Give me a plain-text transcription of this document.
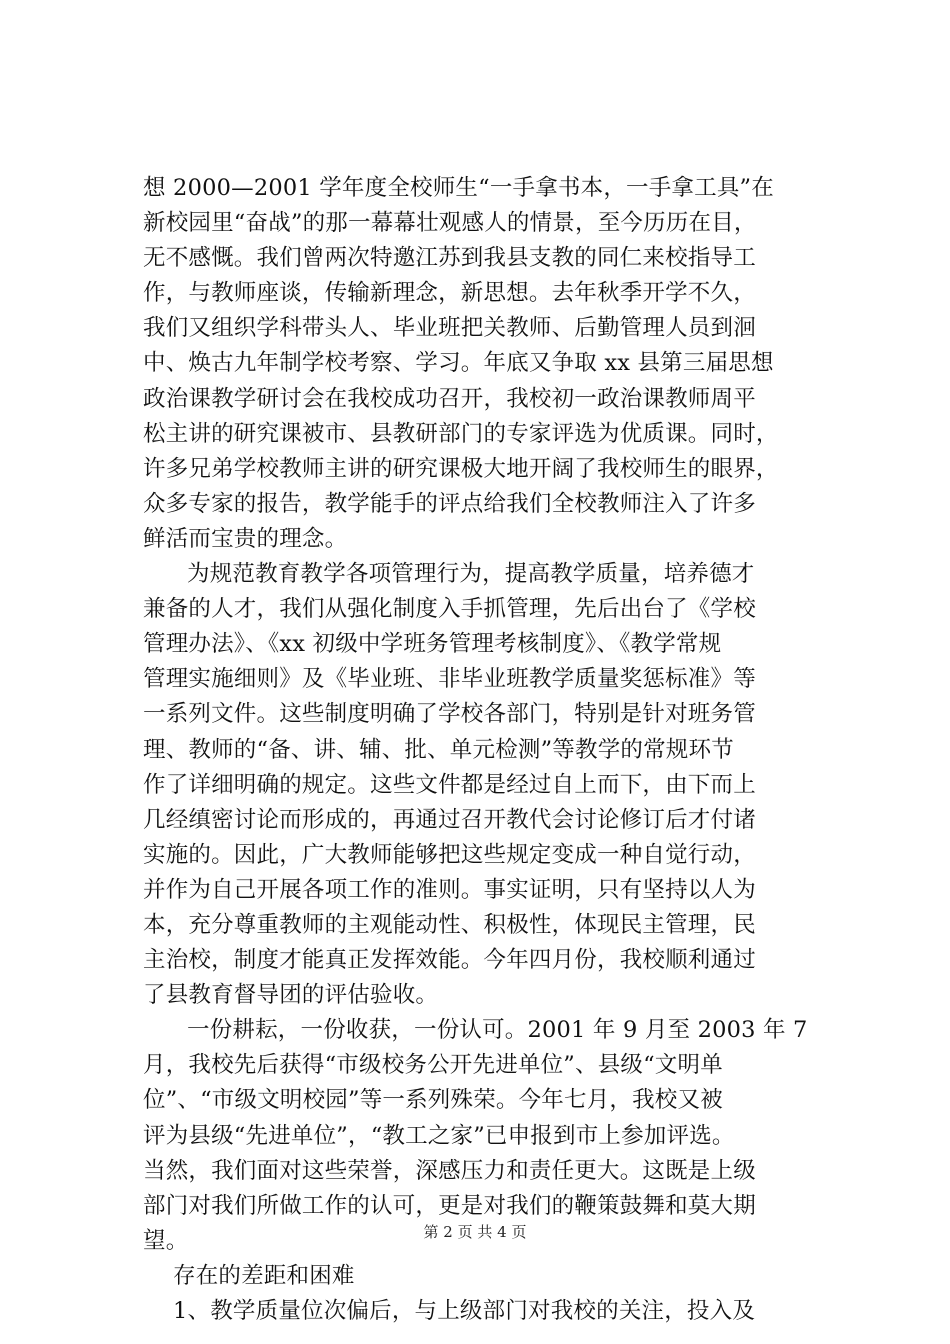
想 2000—2001 学年度全校师生“一手拿书本，一手拿工具”在
新校园里“奋战”的那一幕幕壮观感人的情景，至今历历在目，
无不感慨。我们曾两次特邀江苏到我县支教的同仁来校指导工
作，与教师座谈，传输新理念，新思想。去年秋季开学不久，
我们又组织学科带头人、毕业班把关教师、后勤管理人员到洄
中、焕古九年制学校考察、学习。年底又争取 xx 县第三届思想
政治课教学研讨会在我校成功召开，我校初一政治课教师周平
松主讲的研究课被市、县教研部门的专家评选为优质课。同时，
许多兄弟学校教师主讲的研究课极大地开阔了我校师生的眼界，
众多专家的报告，教学能手的评点给我们全校教师注入了许多
鲜活而宝贵的理念。
为规范教育教学各项管理行为，提高教学质量，培养德才
兼备的人才，我们从强化制度入手抓管理，先后出台了《学校
管理办法》、《xx 初级中学班务管理考核制度》、《教学常规
管理实施细则》及《毕业班、非毕业班教学质量奖惩标准》等
一系列文件。这些制度明确了学校各部门，特别是针对班务管
理、教师的“备、讲、辅、批、单元检测”等教学的常规环节
作了详细明确的规定。这些文件都是经过自上而下，由下而上
几经缜密讨论而形成的，再通过召开教代会讨论修订后才付诸
实施的。因此，广大教师能够把这些规定变成一种自觉行动，
并作为自己开展各项工作的准则。事实证明，只有坚持以人为
本，充分尊重教师的主观能动性、积极性，体现民主管理，民
主治校，制度才能真正发挥效能。今年四月份，我校顺利通过
了县教育督导团的评估验收。
一份耕耘，一份收获，一份认可。2001 年 9 月至 2003 年 7
月，我校先后获得“市级校务公开先进单位”、县级“文明单
位”、“市级文明校园”等一系列殊荣。今年七月，我校又被
评为县级“先进单位”，“教工之家”已申报到市上参加评选。
当然，我们面对这些荣誉，深感压力和责任更大。这既是上级
部门对我们所做工作的认可，更是对我们的鞭策鼓舞和莫大期
望。
存在的差距和困难
1、教学质量位次偏后，与上级部门对我校的关注，投入及
第 2 页 共 4 页
